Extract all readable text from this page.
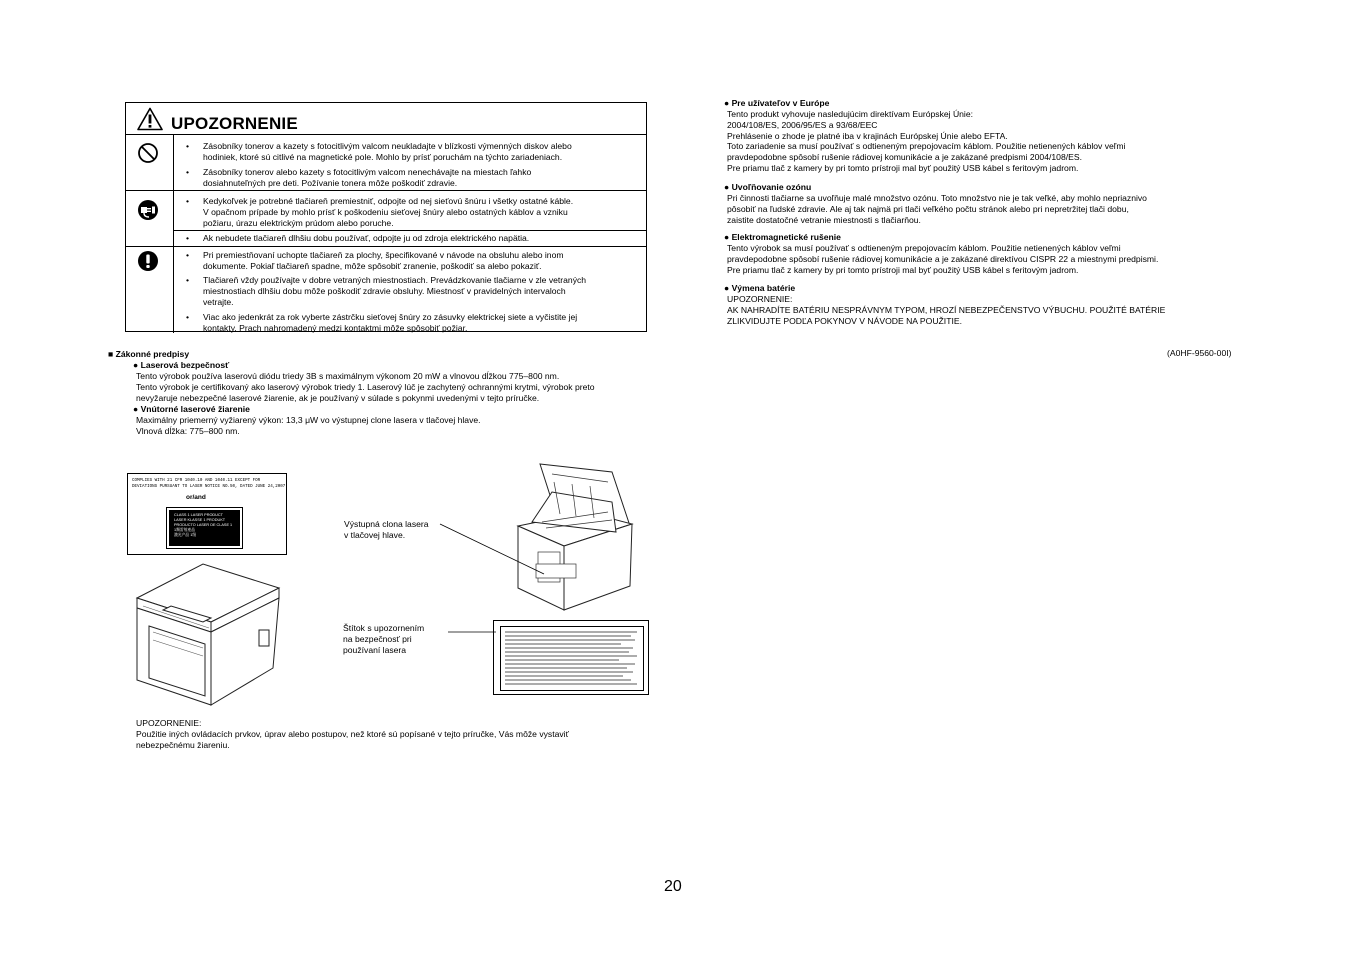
UPOZORNENIE
• Zásobníky tonerov a kazety s fotocitlivým valcom neukladajte v blízkosti výmenných diskov alebo
hodiniek, ktoré sú citlivé na magnetické pole. Mohlo by prísť poruchám na týchto zariadeniach.
• Zásobníky tonerov alebo kazety s fotocitlivým valcom nenechávajte na miestach ľahko
dosiahnuteľných pre deti. Požívanie tonera môže poškodiť zdravie.
• Kedykoľvek je potrebné tlačiareň premiestniť, odpojte od nej sieťovú šnúru i všetky ostatné káble.
V opačnom prípade by mohlo prísť k poškodeniu sieťovej šnúry alebo ostatných káblov a vzniku
požiaru, úrazu elektrickým prúdom alebo poruche.
• Ak nebudete tlačiareň dlhšiu dobu používať, odpojte ju od zdroja elektrického napätia.
• Pri premiestňovaní uchopte tlačiareň za plochy, špecifikované v návode na obsluhu alebo inom
dokumente. Pokiaľ tlačiareň spadne, môže spôsobiť zranenie, poškodiť sa alebo pokaziť.
• Tlačiareň vždy používajte v dobre vetraných miestnostiach. Prevádzkovanie tlačiarne v zle vetraných
miestnostiach dlhšiu dobu môže poškodiť zdravie obsluhy. Miestnosť v pravidelných intervaloch
vetrajte.
• Viac ako jedenkrát za rok vyberte zástrčku sieťovej šnúry zo zásuvky elektrickej siete a vyčistite jej
kontakty. Prach nahromadený medzi kontaktmi môže spôsobiť požiar.
■ Zákonné predpisy
● Laserová bezpečnosť
Tento výrobok používa laserovú diódu triedy 3B s maximálnym výkonom 20 mW a vlnovou dĺžkou 775–800 nm.
Tento výrobok je certifikovaný ako laserový výrobok triedy 1. Laserový lúč je zachytený ochrannými krytmi, výrobok preto
nevyžaruje nebezpečné laserové žiarenie, ak je používaný v súlade s pokynmi uvedenými v tejto príručke.
● Vnútorné laserové žiarenie
Maximálny priemerný vyžiarený výkon: 13,3 μW vo výstupnej clone lasera v tlačovej hlave.
Vlnová dĺžka: 775–800 nm.
COMPLIES WITH 21 CFR 1040.10 AND 1040.11 EXCEPT FOR
DEVIATIONS PURSUANT TO LASER NOTICE NO.50, DATED JUNE 24,2007.
or/and
CLASS 1 LASER PRODUCT
LASER KLASSE 1 PRODUKT
PRODUCTO LASER DE CLASE 1
1類雷射產品
激光产品 1级
Výstupná clona lasera
v tlačovej hlave.
Štítok s upozornením
na bezpečnosť pri
používaní lasera
UPOZORNENIE:
Použitie iných ovládacích prvkov, úprav alebo postupov, než ktoré sú popísané v tejto príručke, Vás môže vystaviť
nebezpečnému žiareniu.
● Pre užívateľov v Európe
Tento produkt vyhovuje nasledujúcim direktívam Európskej Únie:
2004/108/ES, 2006/95/ES a 93/68/EEC
Prehlásenie o zhode je platné iba v krajinách Európskej Únie alebo EFTA.
Toto zariadenie sa musí používať s odtieneným prepojovacím káblom. Použitie netienených káblov veľmi
pravdepodobne spôsobí rušenie rádiovej komunikácie a je zakázané predpismi 2004/108/ES.
Pre priamu tlač z kamery by pri tomto prístroji mal byť použitý USB kábel s feritovým jadrom.
● Uvoľňovanie ozónu
Pri činnosti tlačiarne sa uvoľňuje malé množstvo ozónu. Toto množstvo nie je tak veľké, aby mohlo nepriaznivo
pôsobiť na ľudské zdravie. Ale aj tak najmä pri tlači veľkého počtu stránok alebo pri nepretržitej tlači dobu,
zaistite dostatočné vetranie miestnosti s tlačiarňou.
● Elektromagnetické rušenie
Tento výrobok sa musí používať s odtieneným prepojovacím káblom. Použitie netienených káblov veľmi
pravdepodobne spôsobí rušenie rádiovej komunikácie a je zakázané direktívou CISPR 22 a miestnymi predpismi.
Pre priamu tlač z kamery by pri tomto prístroji mal byť použitý USB kábel s feritovým jadrom.
● Výmena batérie
UPOZORNENIE:
AK NAHRADÍTE BATÉRIU NESPRÁVNYM TYPOM, HROZÍ NEBEZPEČENSTVO VÝBUCHU. POUŽITÉ BATÉRIE
ZLIKVIDUJTE PODĽA POKYNOV V NÁVODE NA POUŽITIE.
(A0HF-9560-00I)
20
